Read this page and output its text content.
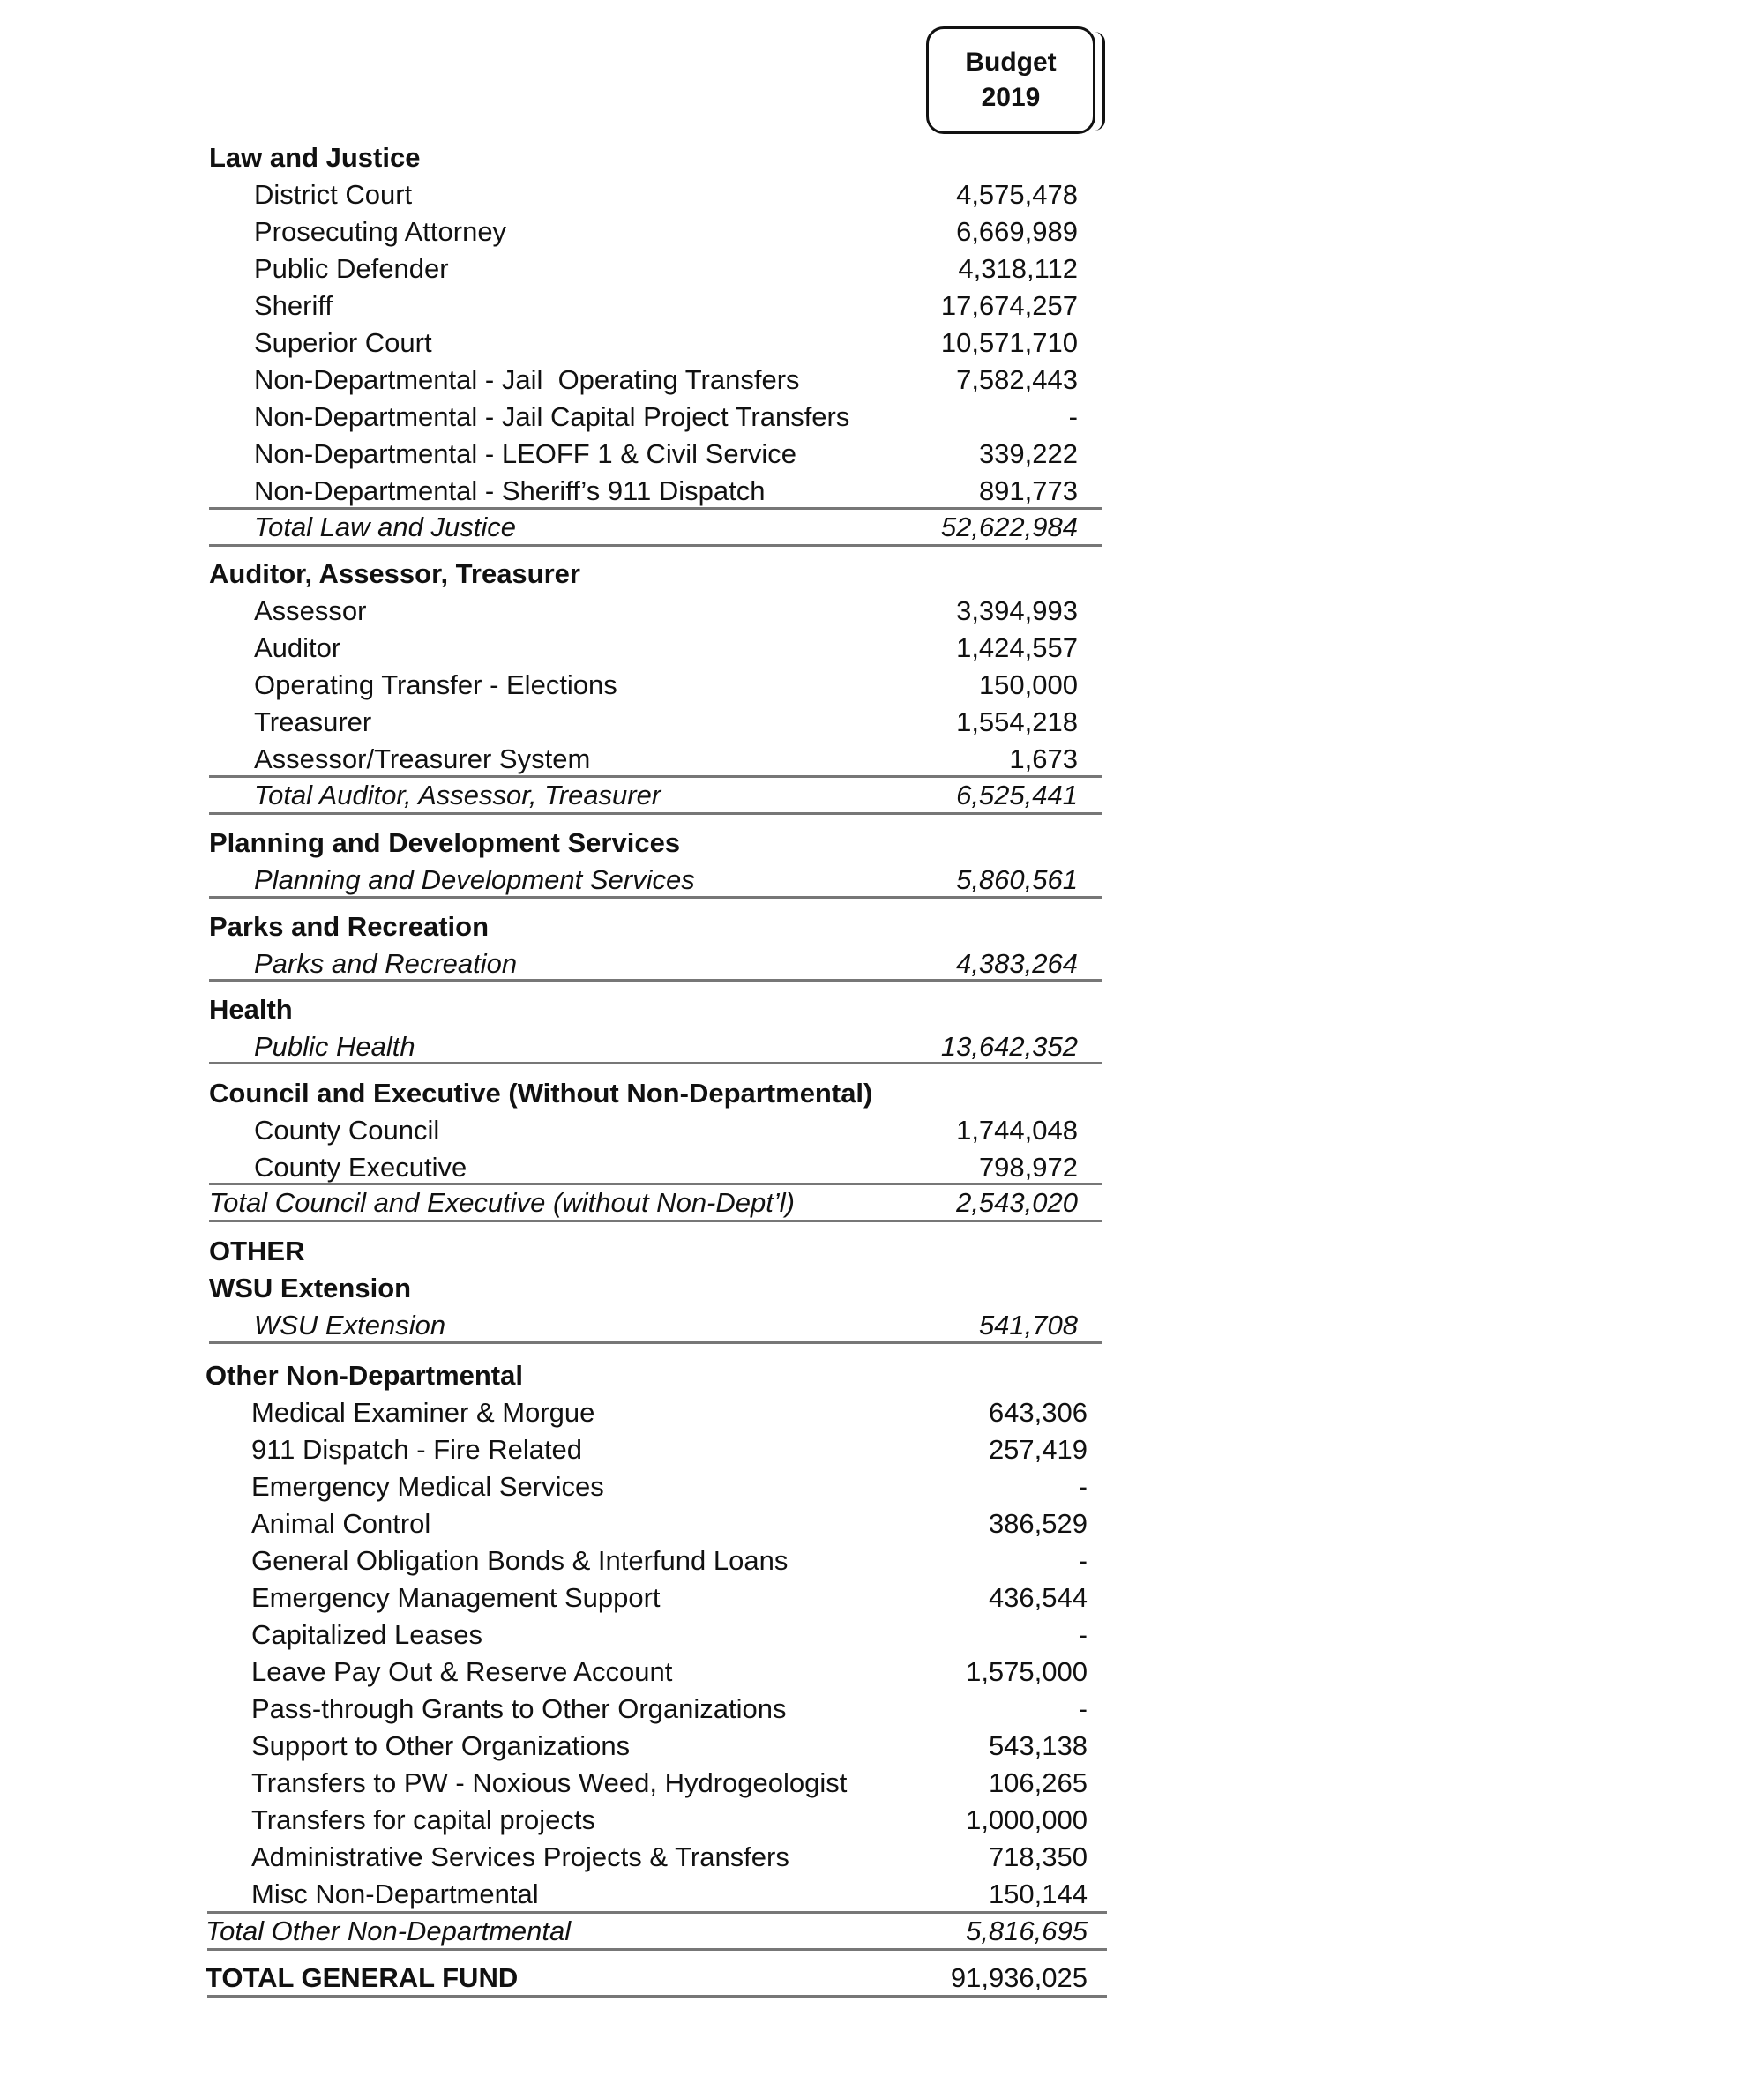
Budget
2019
Law and Justice
District Court	4,575,478
Prosecuting Attorney	6,669,989
Public Defender	4,318,112
Sheriff	17,674,257
Superior Court	10,571,710
Non-Departmental - Jail  Operating Transfers	7,582,443
Non-Departmental - Jail Capital Project Transfers	-
Non-Departmental - LEOFF 1 & Civil Service	339,222
Non-Departmental - Sheriff’s 911 Dispatch	891,773
Total Law and Justice	52,622,984
Auditor, Assessor, Treasurer
Assessor	3,394,993
Auditor	1,424,557
Operating Transfer - Elections	150,000
Treasurer	1,554,218
Assessor/Treasurer System	1,673
Total Auditor, Assessor, Treasurer	6,525,441
Planning and Development Services
Planning and Development Services	5,860,561
Parks and Recreation
Parks and Recreation	4,383,264
Health
Public Health	13,642,352
Council and Executive (Without Non-Departmental)
County Council	1,744,048
County Executive	798,972
Total Council and Executive (without Non-Dept’l)	2,543,020
OTHER
WSU Extension
WSU Extension	541,708
Other Non-Departmental
Medical Examiner & Morgue	643,306
911 Dispatch - Fire Related	257,419
Emergency Medical Services	-
Animal Control	386,529
General Obligation Bonds & Interfund Loans	-
Emergency Management Support	436,544
Capitalized Leases	-
Leave Pay Out & Reserve Account	1,575,000
Pass-through Grants to Other Organizations	-
Support to Other Organizations	543,138
Transfers to PW - Noxious Weed, Hydrogeologist	106,265
Transfers for capital projects	1,000,000
Administrative Services Projects & Transfers	718,350
Misc Non-Departmental	150,144
Total Other Non-Departmental	5,816,695
TOTAL GENERAL FUND	91,936,025
